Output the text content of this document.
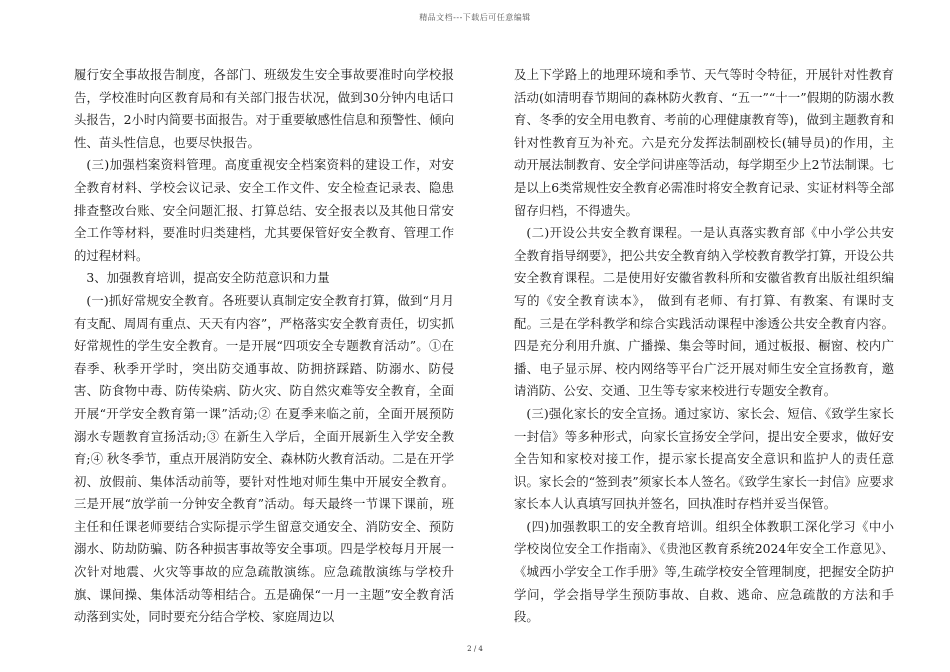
精品文档---下载后可任意编辑

履行安全事故报告制度，各部门、班级发生安全事故要准时向学校报告，学校准时向区教育局和有关部门报告状况，做到30分钟内电话口头报告，2小时内简要书面报告。对于重要敏感性信息和预警性、倾向性、苗头性信息，也要尽快报告。

(三)加强档案资料管理。高度重视安全档案资料的建设工作，对安全教育材料、学校会议记录、安全工作文件、安全检查记录表、隐患排查整改台账、安全问题汇报、打算总结、安全报表以及其他日常安全工作等材料，要准时归类建档，尤其要保管好安全教育、管理工作的过程材料。

3、加强教育培训，提高安全防范意识和力量

(一)抓好常规安全教育。各班要认真制定安全教育打算，做到“月月有支配、周周有重点、天天有内容”，严格落实安全教育责任，切实抓好常规性的学生安全教育。一是开展“四项安全专题教育活动”。①在春季、秋季开学时，突出防交通事故、防拥挤踩踏、防溺水、防侵害、防食物中毒、防传染病、防火灾、防自然灾难等安全教育，全面开展“开学安全教育第一课”活动;② 在夏季来临之前，全面开展预防溺水专题教育宣扬活动;③ 在新生入学后，全面开展新生入学安全教育;④ 秋冬季节，重点开展消防安全、森林防火教育活动。二是在开学初、放假前、集体活动前等，要针对性地对师生集中开展安全教育。三是开展“放学前一分钟安全教育”活动。每天最终一节课下课前，班主任和任课老师要结合实际提示学生留意交通安全、消防安全、预防溺水、防劫防骗、防各种损害事故等安全事项。四是学校每月开展一次针对地震、火灾等事故的应急疏散演练。应急疏散演练与学校升旗、课间操、集体活动等相结合。五是确保“一月一主题”安全教育活动落到实处，同时要充分结合学校、家庭周边以

及上下学路上的地理环境和季节、天气等时令特征，开展针对性教育活动(如清明春节期间的森林防火教育、“五一”“十一”假期的防溺水教育、冬季的安全用电教育、考前的心理健康教育等)，做到主题教育和针对性教育互为补充。六是充分发挥法制副校长(辅导员)的作用，主动开展法制教育、安全学问讲座等活动，每学期至少上2节法制课。七是以上6类常规性安全教育必需准时将安全教育记录、实证材料等全部留存归档，不得遗失。

(二)开设公共安全教育课程。一是认真落实教育部《中小学公共安全教育指导纲要》，把公共安全教育纳入学校教育教学打算，开设公共安全教育课程。二是使用好安徽省教科所和安徽省教育出版社组织编写的《安全教育读本》， 做到有老师、有打算、有教案、有课时支配。三是在学科教学和综合实践活动课程中渗透公共安全教育内容。四是充分利用升旗、广播操、集会等时间，通过板报、橱窗、校内广播、电子显示屏、校内网络等平台广泛开展对师生安全宣扬教育，邀请消防、公安、交通、卫生等专家来校进行专题安全教育。

(三)强化家长的安全宣扬。通过家访、家长会、短信、《致学生家长一封信》等多种形式，向家长宣扬安全学问，提出安全要求，做好安全告知和家校对接工作，提示家长提高安全意识和监护人的责任意识。家长会的“签到表”须家长本人签名。《致学生家长一封信》应要求家长本人认真填写回执并签名，回执准时存档并妥当保管。

(四)加强教职工的安全教育培训。组织全体教职工深化学习《中小学校岗位安全工作指南》、《贵池区教育系统2024年安全工作意见》、《城西小学安全工作手册》等,生疏学校安全管理制度，把握安全防护学问，学会指导学生预防事故、自救、逃命、应急疏散的方法和手段。

2 / 4
